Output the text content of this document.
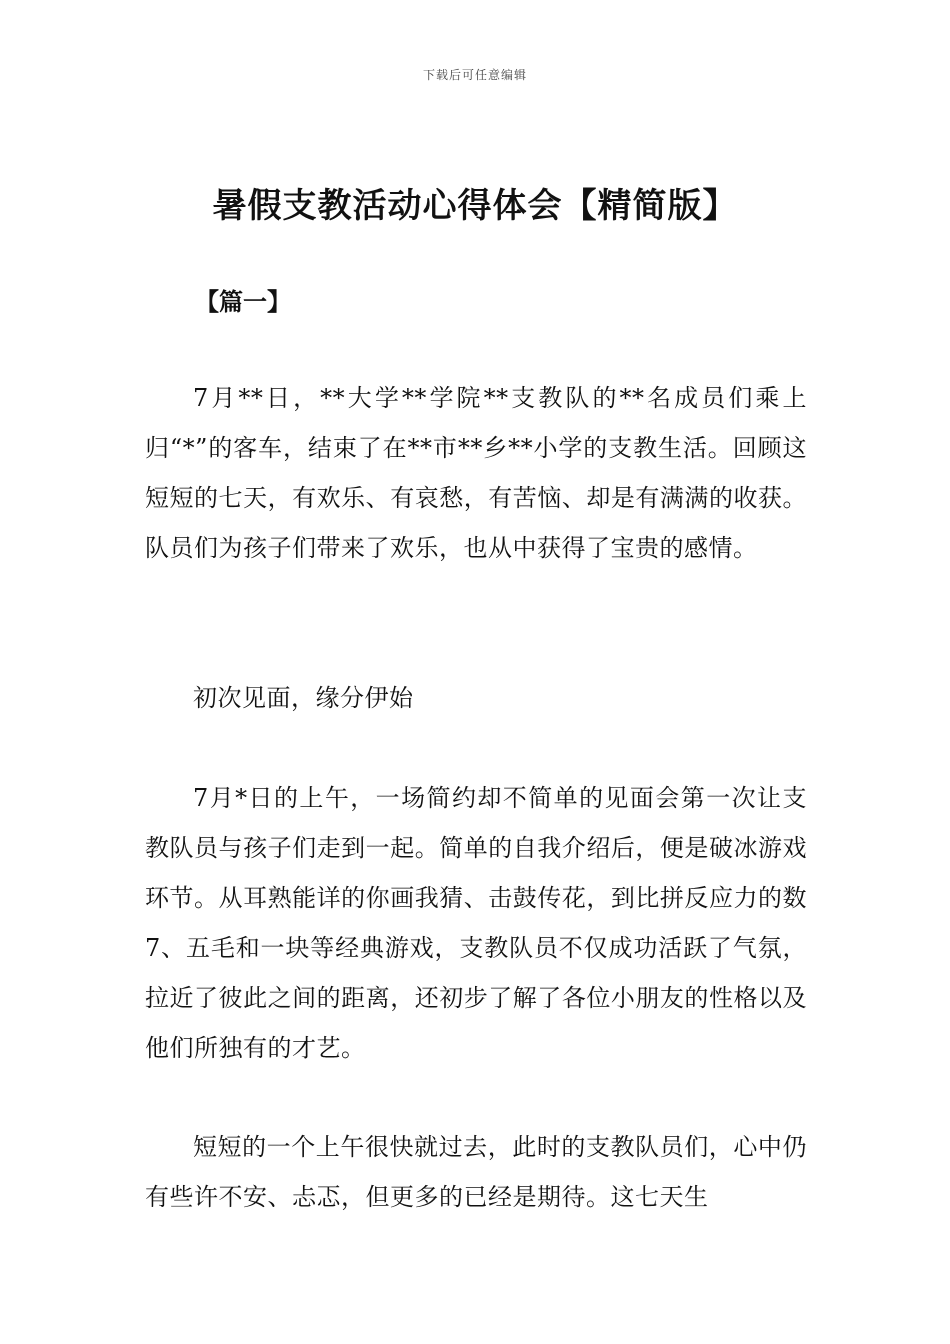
下载后可任意编辑
暑假支教活动心得体会【精简版】
【篇一】

7月**日，**大学**学院**支教队的**名成员们乘上归“*”的客车，结束了在**市**乡**小学的支教生活。回顾这短短的七天，有欢乐、有哀愁，有苦恼、却是有满满的收获。队员们为孩子们带来了欢乐，也从中获得了宝贵的感情。

初次见面，缘分伊始

7月*日的上午，一场简约却不简单的见面会第一次让支教队员与孩子们走到一起。简单的自我介绍后，便是破冰游戏环节。从耳熟能详的你画我猜、击鼓传花，到比拼反应力的数7、五毛和一块等经典游戏，支教队员不仅成功活跃了气氛，拉近了彼此之间的距离，还初步了解了各位小朋友的性格以及他们所独有的才艺。

短短的一个上午很快就过去，此时的支教队员们，心中仍有些许不安、忐忑，但更多的已经是期待。这七天生
